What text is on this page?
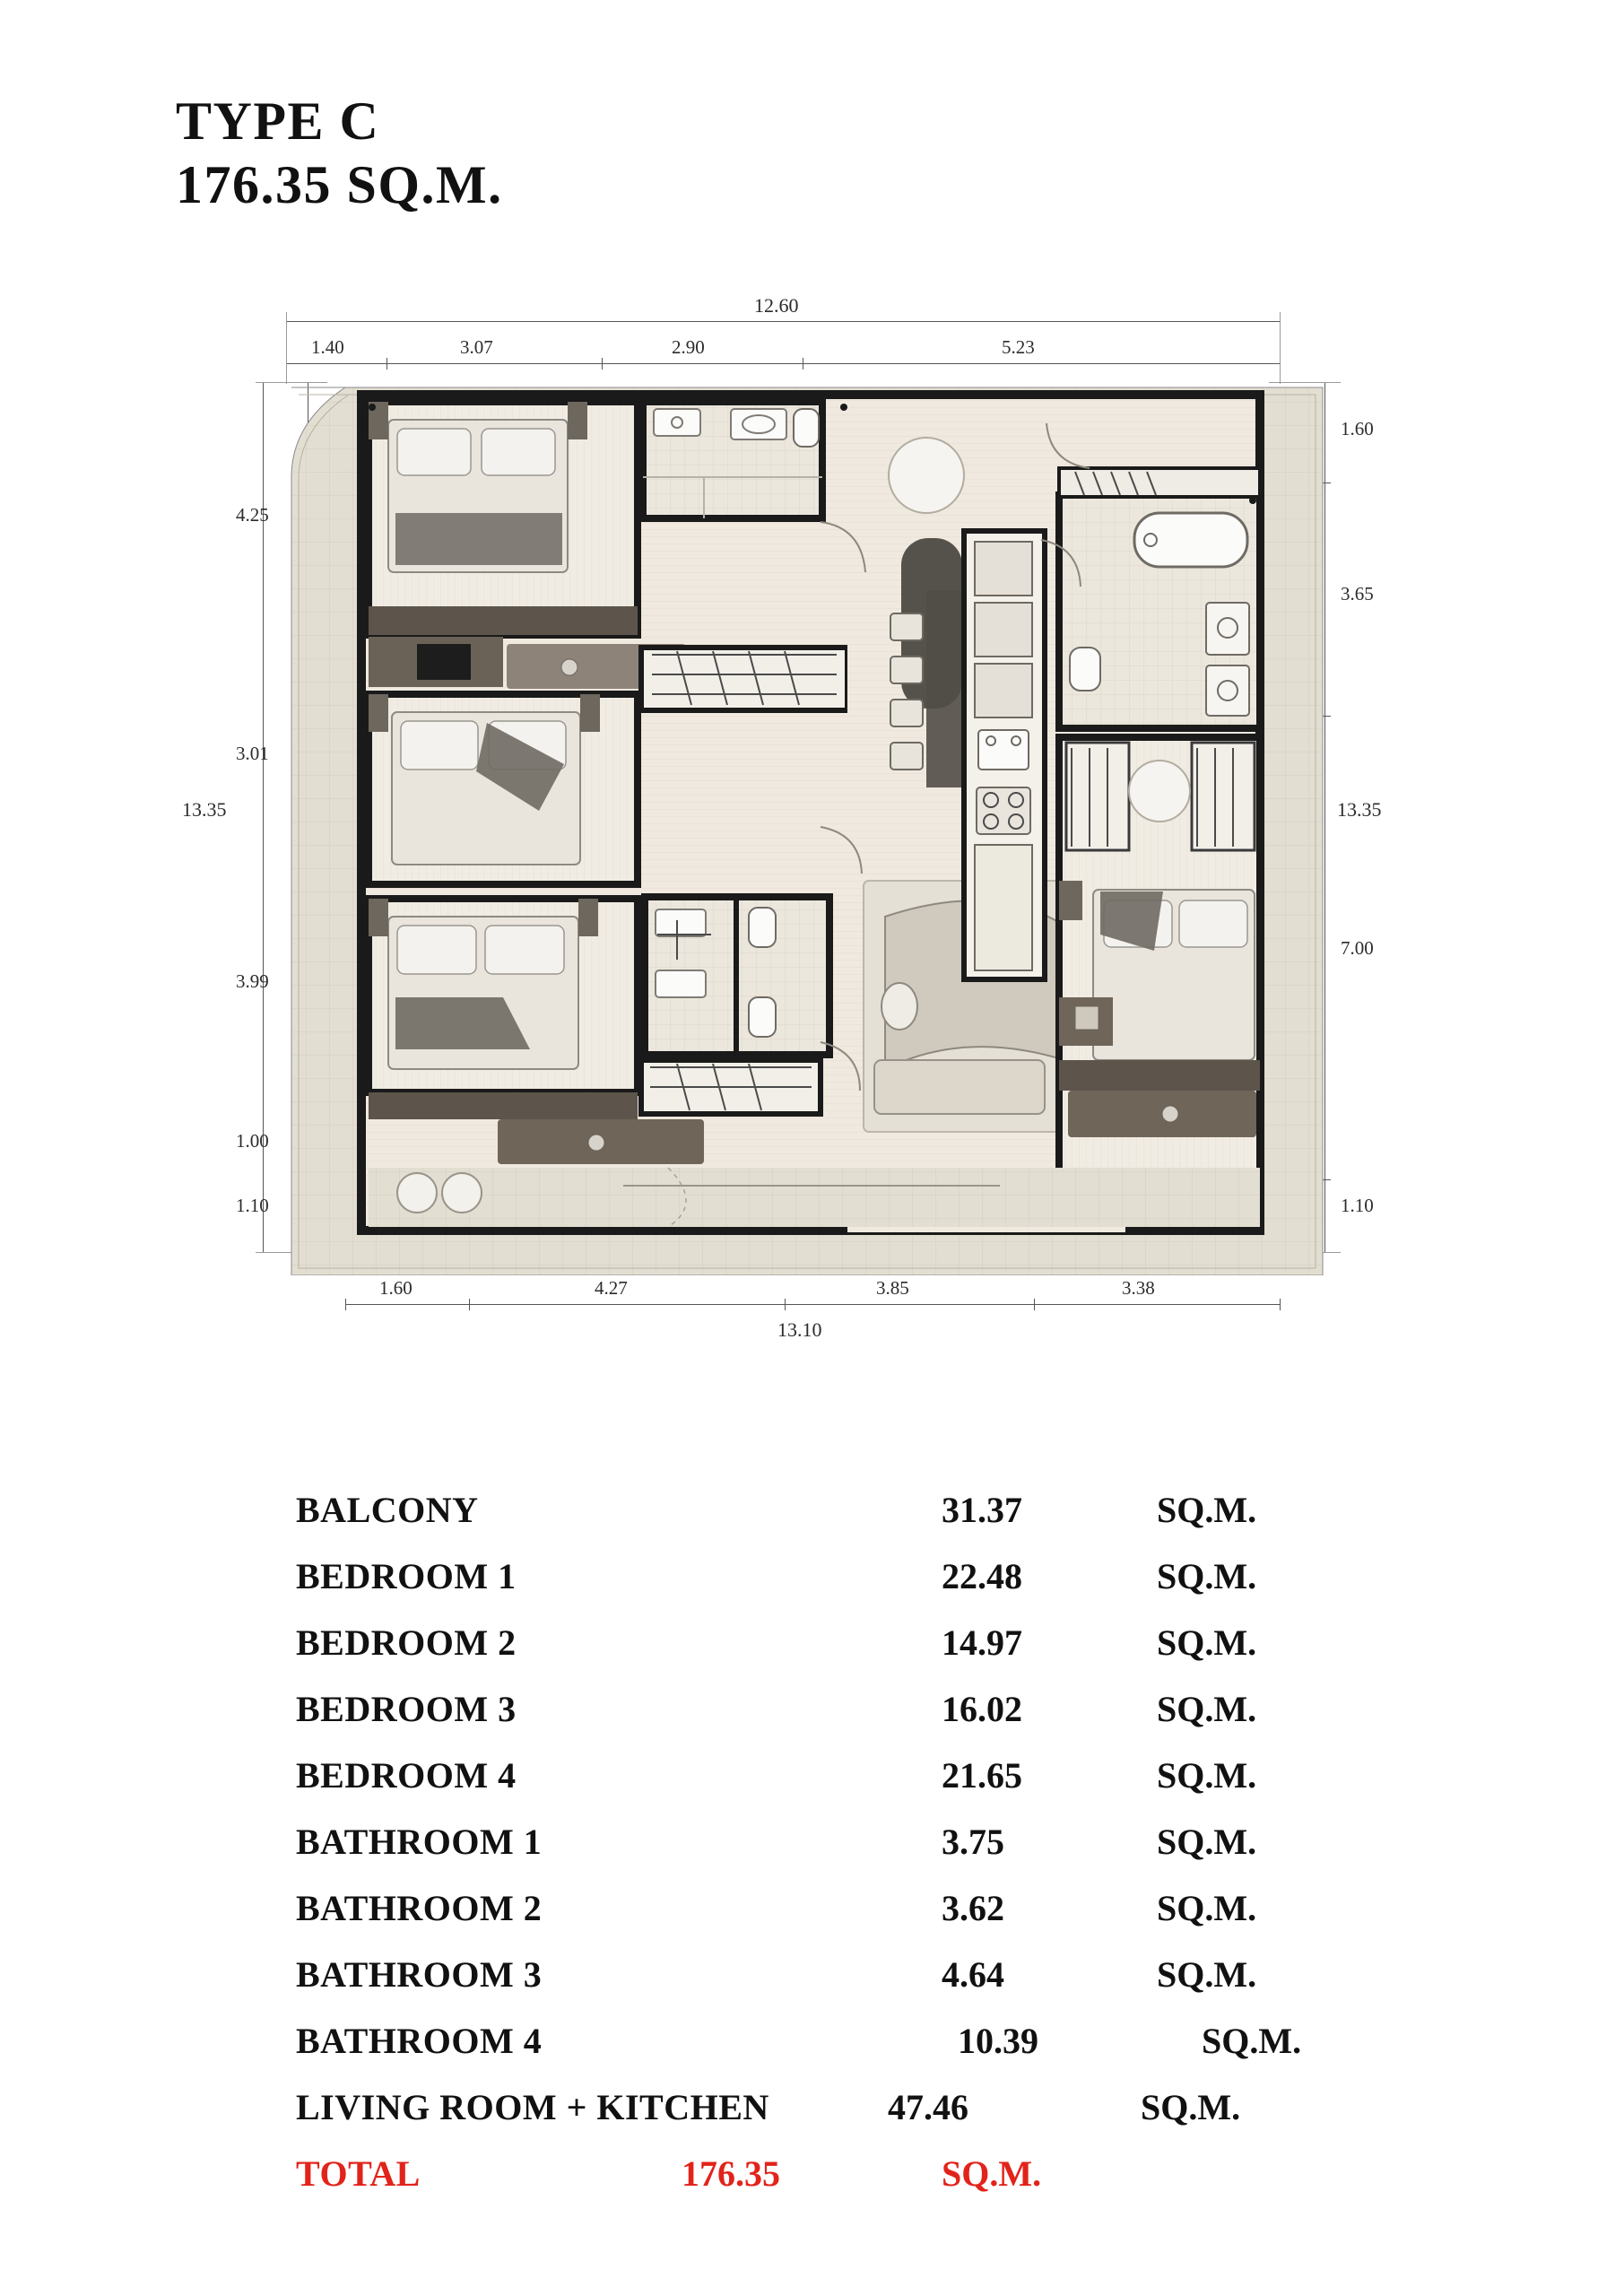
TYPE C
176.35 SQ.M.
12.60
1.40	3.07	2.90	5.23
13.35
4.25
3.01
3.99
1.00
1.10
1.60
3.65
7.00
1.10
13.35
1.60	4.27	3.85	3.38
13.10
BALCONY	31.37	SQ.M.
BEDROOM 1	22.48	SQ.M.
BEDROOM 2	14.97	SQ.M.
BEDROOM 3	16.02	SQ.M.
BEDROOM 4	21.65	SQ.M.
BATHROOM 1	3.75	SQ.M.
BATHROOM 2	3.62	SQ.M.
BATHROOM 3	4.64	SQ.M.
BATHROOM 4	10.39	SQ.M.
LIVING ROOM + KITCHEN	47.46	SQ.M.
TOTAL	176.35	SQ.M.
